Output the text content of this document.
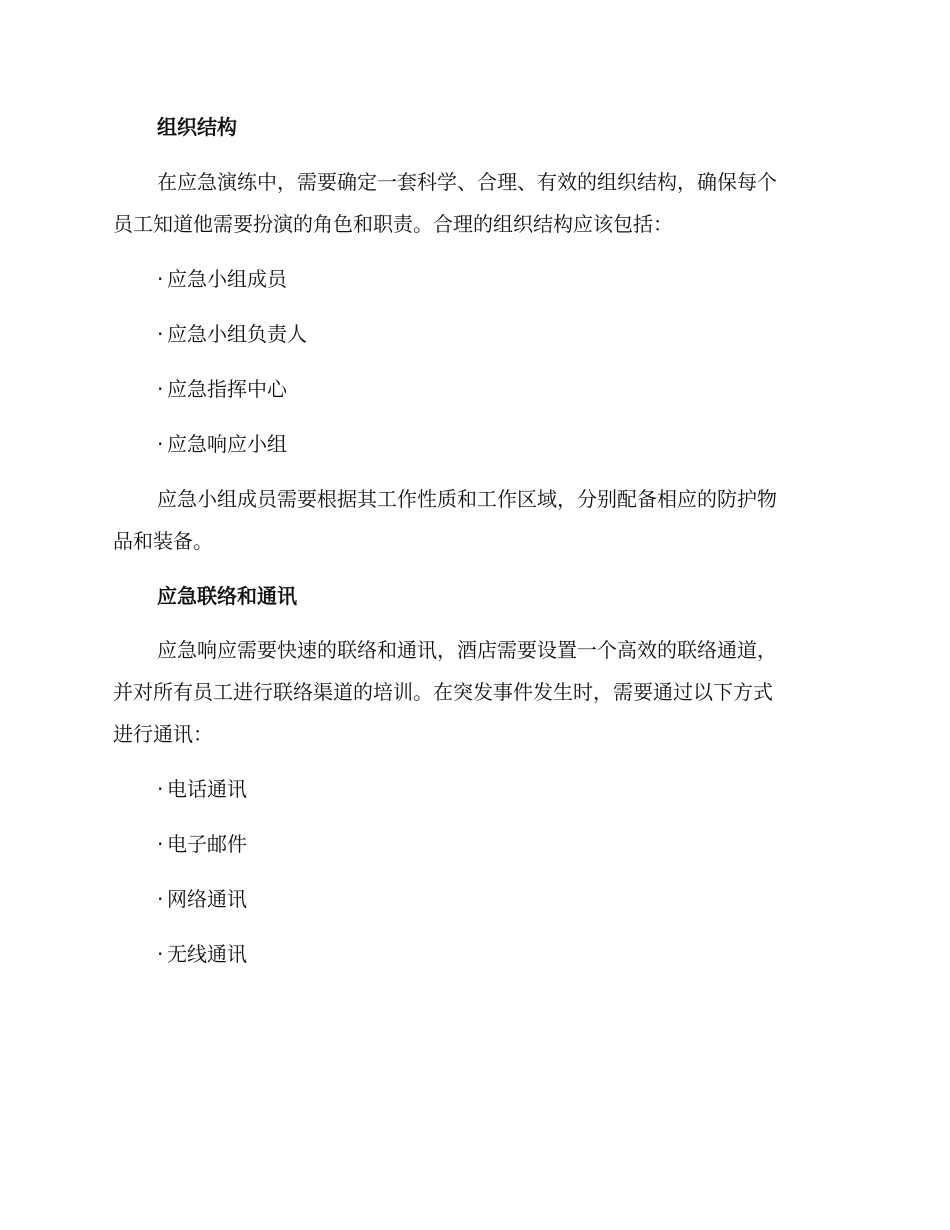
组织结构

在应急演练中，需要确定一套科学、合理、有效的组织结构，确保每个

员工知道他需要扮演的角色和职责。合理的组织结构应该包括：

· 应急小组成员
· 应急小组负责人
· 应急指挥中心
· 应急响应小组

应急小组成员需要根据其工作性质和工作区域，分别配备相应的防护物

品和装备。

应急联络和通讯

应急响应需要快速的联络和通讯，酒店需要设置一个高效的联络通道，

并对所有员工进行联络渠道的培训。在突发事件发生时，需要通过以下方式

进行通讯：

· 电话通讯
· 电子邮件
· 网络通讯
· 无线通讯
